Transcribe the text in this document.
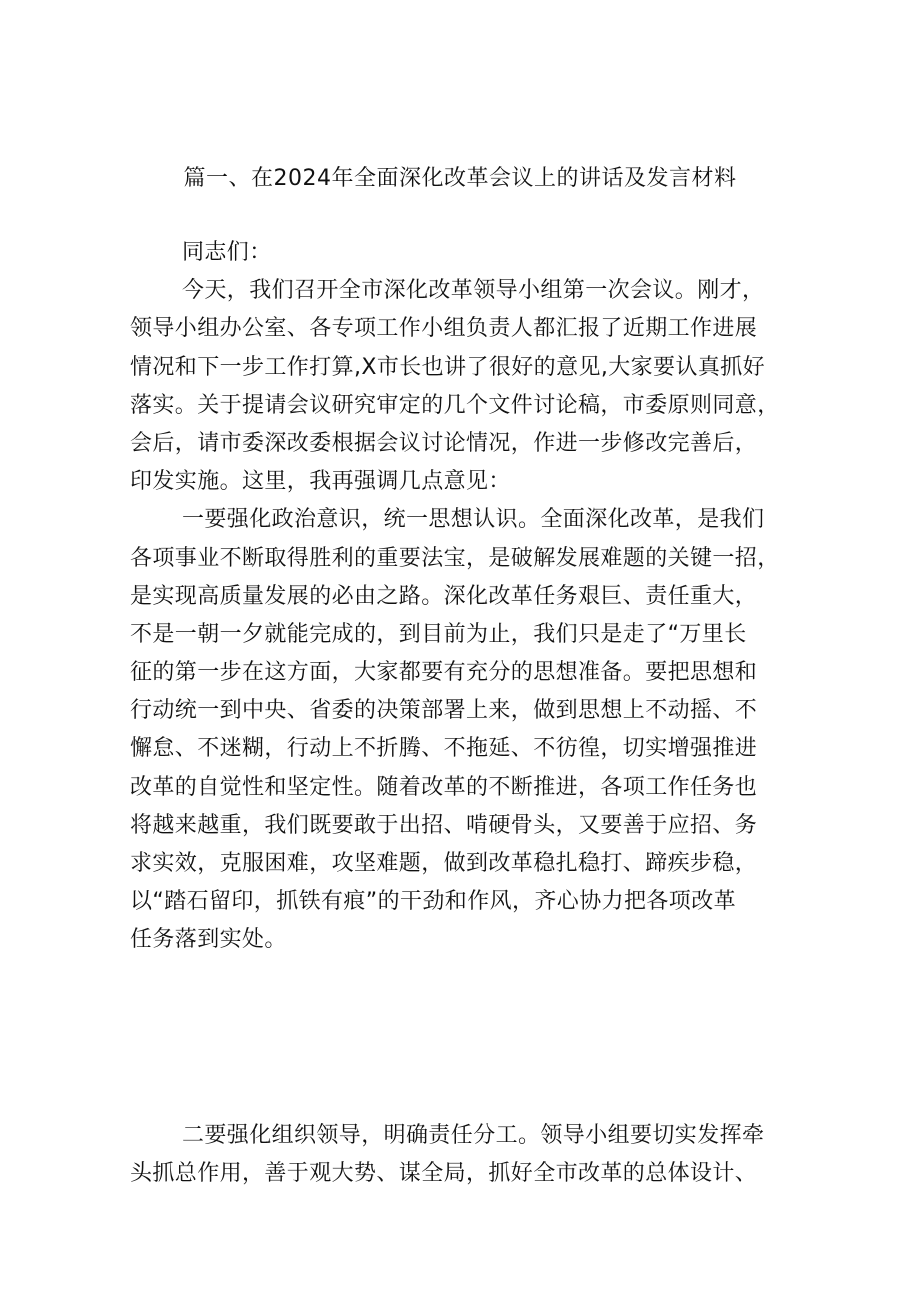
篇一、在2024年全面深化改革会议上的讲话及发言材料
同志们：
今天，我们召开全市深化改革领导小组第一次会议。刚才，
领导小组办公室、各专项工作小组负责人都汇报了近期工作进展
情况和下一步工作打算,X市长也讲了很好的意见,大家要认真抓好
落实。关于提请会议研究审定的几个文件讨论稿，市委原则同意，
会后，请市委深改委根据会议讨论情况，作进一步修改完善后，
印发实施。这里，我再强调几点意见：
一要强化政治意识，统一思想认识。全面深化改革，是我们
各项事业不断取得胜利的重要法宝，是破解发展难题的关键一招，
是实现高质量发展的必由之路。深化改革任务艰巨、责任重大，
不是一朝一夕就能完成的，到目前为止，我们只是走了“万里长
征的第一步在这方面，大家都要有充分的思想准备。要把思想和
行动统一到中央、省委的决策部署上来，做到思想上不动摇、不
懈怠、不迷糊，行动上不折腾、不拖延、不彷徨，切实增强推进
改革的自觉性和坚定性。随着改革的不断推进，各项工作任务也
将越来越重，我们既要敢于出招、啃硬骨头，又要善于应招、务
求实效，克服困难，攻坚难题，做到改革稳扎稳打、蹄疾步稳，
以“踏石留印，抓铁有痕”的干劲和作风，齐心协力把各项改革
任务落到实处。
二要强化组织领导，明确责任分工。领导小组要切实发挥牵
头抓总作用，善于观大势、谋全局，抓好全市改革的总体设计、
